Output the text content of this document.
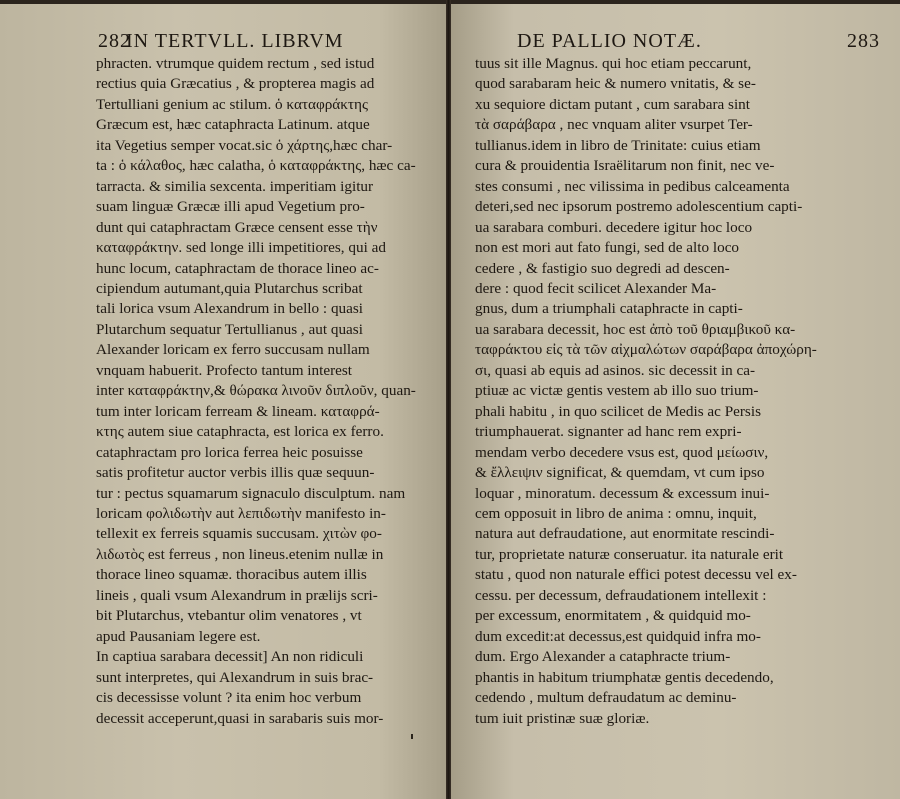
282
IN TERTVLL. LIBRVM
phracten. vtrumque quidem rectum , sed istud
rectius quia Græcatius , & propterea magis ad
Tertulliani genium ac stilum. ὁ καταφράκτης
Græcum est, hæc cataphracta Latinum. atque
ita Vegetius semper vocat.sic ὁ χάρτης,hæc char-
ta : ὁ κάλαθος, hæc calatha, ὁ καταφράκτης, hæc ca-
tarracta. & similia sexcenta. imperitiam igitur
suam linguæ Græcæ illi apud Vegetium pro-
dunt qui cataphractam Græce censent esse τὴν
καταφράκτην. sed longe illi impetitiores, qui ad
hunc locum, cataphractam de thorace lineo ac-
cipiendum autumant,quia Plutarchus scribat
tali lorica vsum Alexandrum in bello : quasi
Plutarchum sequatur Tertullianus , aut quasi
Alexander loricam ex ferro succusam nullam
vnquam habuerit. Profecto tantum interest
inter καταφράκτην,& θώρακα λινοῦν διπλοῦν, quan-
tum inter loricam ferream & lineam. καταφρά-
κτης autem siue cataphracta, est lorica ex ferro.
cataphractam pro lorica ferrea heic posuisse
satis profitetur auctor verbis illis quæ sequun-
tur : pectus squamarum signaculo disculptum. nam
loricam φολιδωτὴν aut λεπιδωτὴν manifesto in-
tellexit ex ferreis squamis succusam. χιτὼν φο-
λιδωτὸς est ferreus , non lineus.etenim nullæ in
thorace lineo squamæ. thoracibus autem illis
lineis , quali vsum Alexandrum in prælijs scri-
bit Plutarchus, vtebantur olim venatores , vt
apud Pausaniam legere est.
In captiua sarabara decessit] An non ridiculi
sunt interpretes, qui Alexandrum in suis brac-
cis decessisse volunt ? ita enim hoc verbum
decessit acceperunt,quasi in sarabaris suis mor-
DE PALLIO NOTÆ.	283
tuus sit ille Magnus. qui hoc etiam peccarunt,
quod sarabaram heic & numero vnitatis, & se-
xu sequiore dictam putant , cum sarabara sint
τὰ σαράβαρα , nec vnquam aliter vsurpet Ter-
tullianus.idem in libro de Trinitate: cuius etiam
cura & prouidentia Israëlitarum non finit, nec ve-
stes consumi , nec vilissima in pedibus calceamenta
deteri,sed nec ipsorum postremo adolescentium capti-
ua sarabara comburi. decedere igitur hoc loco
non est mori aut fato fungi, sed de alto loco
cedere , & fastigio suo degredi ad descen-
dere : quod fecit scilicet Alexander Ma-
gnus, dum a triumphali cataphracte in capti-
ua sarabara decessit, hoc est ἀπὸ τοῦ θριαμβικοῦ κα-
ταφράκτου εἰς τὰ τῶν αἰχμαλώτων σαράβαρα ἀποχώρη-
σι, quasi ab equis ad asinos. sic decessit in ca-
ptiuæ ac victæ gentis vestem ab illo suo trium-
phali habitu , in quo scilicet de Medis ac Persis
triumphauerat. signanter ad hanc rem expri-
mendam verbo decedere vsus est, quod μείωσιν,
& ἔλλειψιν significat, & quemdam, vt cum ipso
loquar , minoratum. decessum & excessum inui-
cem opposuit in libro de anima : omnu, inquit,
natura aut defraudatione, aut enormitate rescindi-
tur, proprietate naturæ conseruatur. ita naturale erit
statu , quod non naturale effici potest decessu vel ex-
cessu. per decessum, defraudationem intellexit :
per excessum, enormitatem , & quidquid mo-
dum excedit:at decessus,est quidquid infra mo-
dum. Ergo Alexander a cataphracte trium-
phantis in habitum triumphatæ gentis decedendo,
cedendo , multum defraudatum ac deminu-
tum iuit pristinæ suæ gloriæ.
